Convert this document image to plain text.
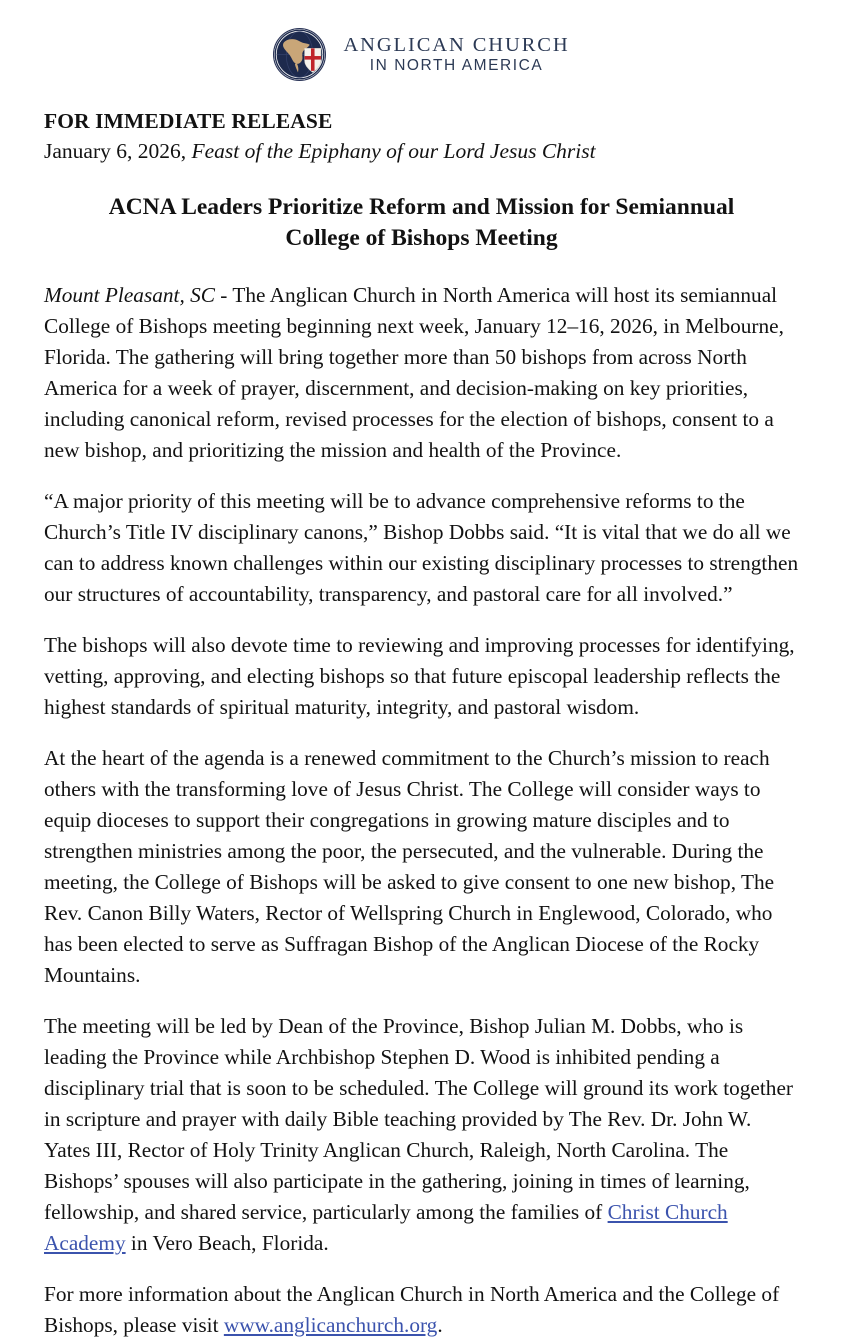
ANGLICAN CHURCH
IN NORTH AMERICA
FOR IMMEDIATE RELEASE
January 6, 2026, Feast of the Epiphany of our Lord Jesus Christ
ACNA Leaders Prioritize Reform and Mission for Semiannual
College of Bishops Meeting

Mount Pleasant, SC - The Anglican Church in North America will host its semiannual College of Bishops meeting beginning next week, January 12–16, 2026, in Melbourne, Florida. The gathering will bring together more than 50 bishops from across North America for a week of prayer, discernment, and decision-making on key priorities, including canonical reform, revised processes for the election of bishops, consent to a new bishop, and prioritizing the mission and health of the Province.

“A major priority of this meeting will be to advance comprehensive reforms to the Church’s Title IV disciplinary canons,” Bishop Dobbs said. “It is vital that we do all we can to address known challenges within our existing disciplinary processes to strengthen our structures of accountability, transparency, and pastoral care for all involved.”

The bishops will also devote time to reviewing and improving processes for identifying, vetting, approving, and electing bishops so that future episcopal leadership reflects the highest standards of spiritual maturity, integrity, and pastoral wisdom.

At the heart of the agenda is a renewed commitment to the Church’s mission to reach others with the transforming love of Jesus Christ. The College will consider ways to equip dioceses to support their congregations in growing mature disciples and to strengthen ministries among the poor, the persecuted, and the vulnerable. During the meeting, the College of Bishops will be asked to give consent to one new bishop, The Rev. Canon Billy Waters, Rector of Wellspring Church in Englewood, Colorado, who has been elected to serve as Suffragan Bishop of the Anglican Diocese of the Rocky Mountains.

The meeting will be led by Dean of the Province, Bishop Julian M. Dobbs, who is leading the Province while Archbishop Stephen D. Wood is inhibited pending a disciplinary trial that is soon to be scheduled. The College will ground its work together in scripture and prayer with daily Bible teaching provided by The Rev. Dr. John W. Yates III, Rector of Holy Trinity Anglican Church, Raleigh, North Carolina. The Bishops’ spouses will also participate in the gathering, joining in times of learning, fellowship, and shared service, particularly among the families of Christ Church Academy in Vero Beach, Florida.

For more information about the Anglican Church in North America and the College of Bishops, please visit www.anglicanchurch.org.
